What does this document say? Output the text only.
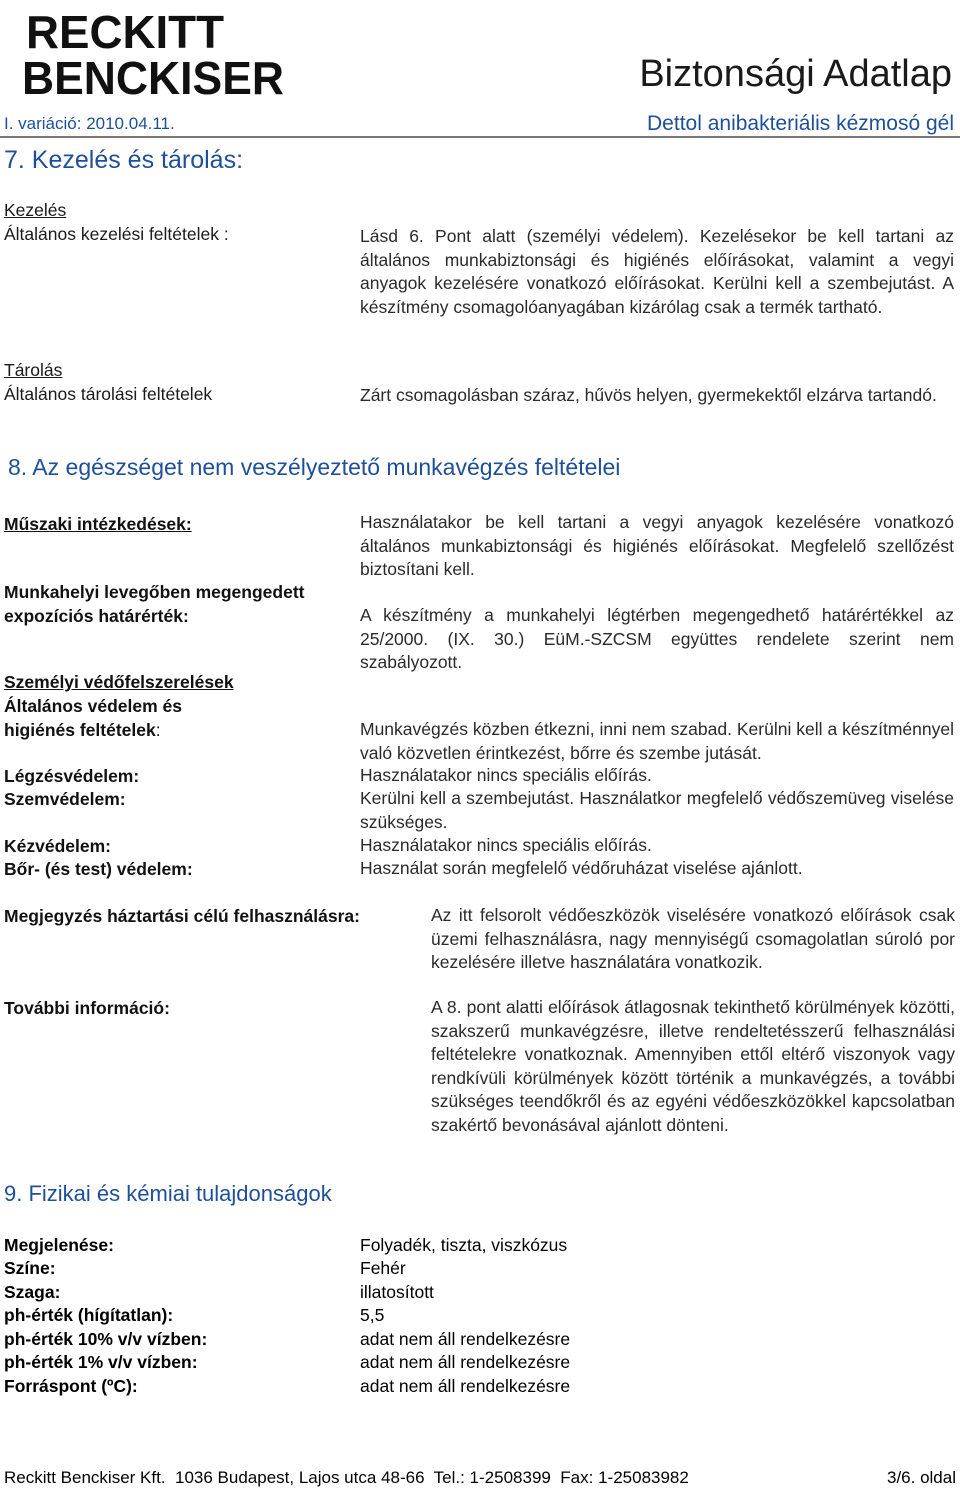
RECKITT
BENCKISER	Biztonsági Adatlap
I. variáció: 2010.04.11.	Dettol anibakteriális kézmosó gél
7. Kezelés és tárolás:
Kezelés
Általános kezelési feltételek :	Lásd 6. Pont alatt (személyi védelem). Kezelésekor be kell tartani az általános munkabiztonsági és higiénés előírásokat, valamint a vegyi anyagok kezelésére vonatkozó előírásokat. Kerülni kell a szembejutást. A készítmény csomagolóanyagában kizárólag csak a termék tartható.
Tárolás
Általános tárolási feltételek	Zárt csomagolásban száraz, hűvös helyen, gyermekektől elzárva tartandó.
8. Az egészséget nem veszélyeztető munkavégzés feltételei
Műszaki intézkedések:	Használatakor be kell tartani a vegyi anyagok kezelésére vonatkozó általános munkabiztonsági és higiénés előírásokat. Megfelelő szellőzést biztosítani kell.
Munkahelyi levegőben megengedett expozíciós határérték:	A készítmény a munkahelyi légtérben megengedhető határértékkel az 25/2000. (IX. 30.) EüM.-SZCSM együttes rendelete szerint nem szabályozott.
Személyi védőfelszerelések
Általános védelem és
higiénés feltételek:	Munkavégzés közben étkezni, inni nem szabad. Kerülni kell a készítménnyel való közvetlen érintkezést, bőrre és szembe jutását.
Légzésvédelem:	Használatakor nincs speciális előírás.
Szemvédelem:	Kerülni kell a szembejutást. Használatkor megfelelő védőszemüveg viselése szükséges.
Kézvédelem:	Használatakor nincs speciális előírás.
Bőr- (és test) védelem:	Használat során megfelelő védőruházat viselése ajánlott.
Megjegyzés háztartási célú felhasználásra:	Az itt felsorolt védőeszközök viselésére vonatkozó előírások csak üzemi felhasználásra, nagy mennyiségű csomagolatlan súroló por kezelésére illetve használatára vonatkozik.
További információ:	A 8. pont alatti előírások átlagosnak tekinthető körülmények közötti, szakszerű munkavégzésre, illetve rendeltetésszerű felhasználási feltételekre vonatkoznak. Amennyiben ettől eltérő viszonyok vagy rendkívüli körülmények között történik a munkavégzés, a további szükséges teendőkről és az egyéni védőeszközökkel kapcsolatban szakértő bevonásával ajánlott dönteni.
9. Fizikai és kémiai tulajdonságok
Megjelenése:	Folyadék, tiszta, viszkózus
Színe:	Fehér
Szaga:	illatosított
ph-érték (hígítatlan):	5,5
ph-érték 10% v/v vízben:	adat nem áll rendelkezésre
ph-érték 1% v/v vízben:	adat nem áll rendelkezésre
Forráspont (ºC):	adat nem áll rendelkezésre
Reckitt Benckiser Kft.  1036 Budapest, Lajos utca 48-66  Tel.: 1-2508399  Fax: 1-25083982	3/6. oldal
